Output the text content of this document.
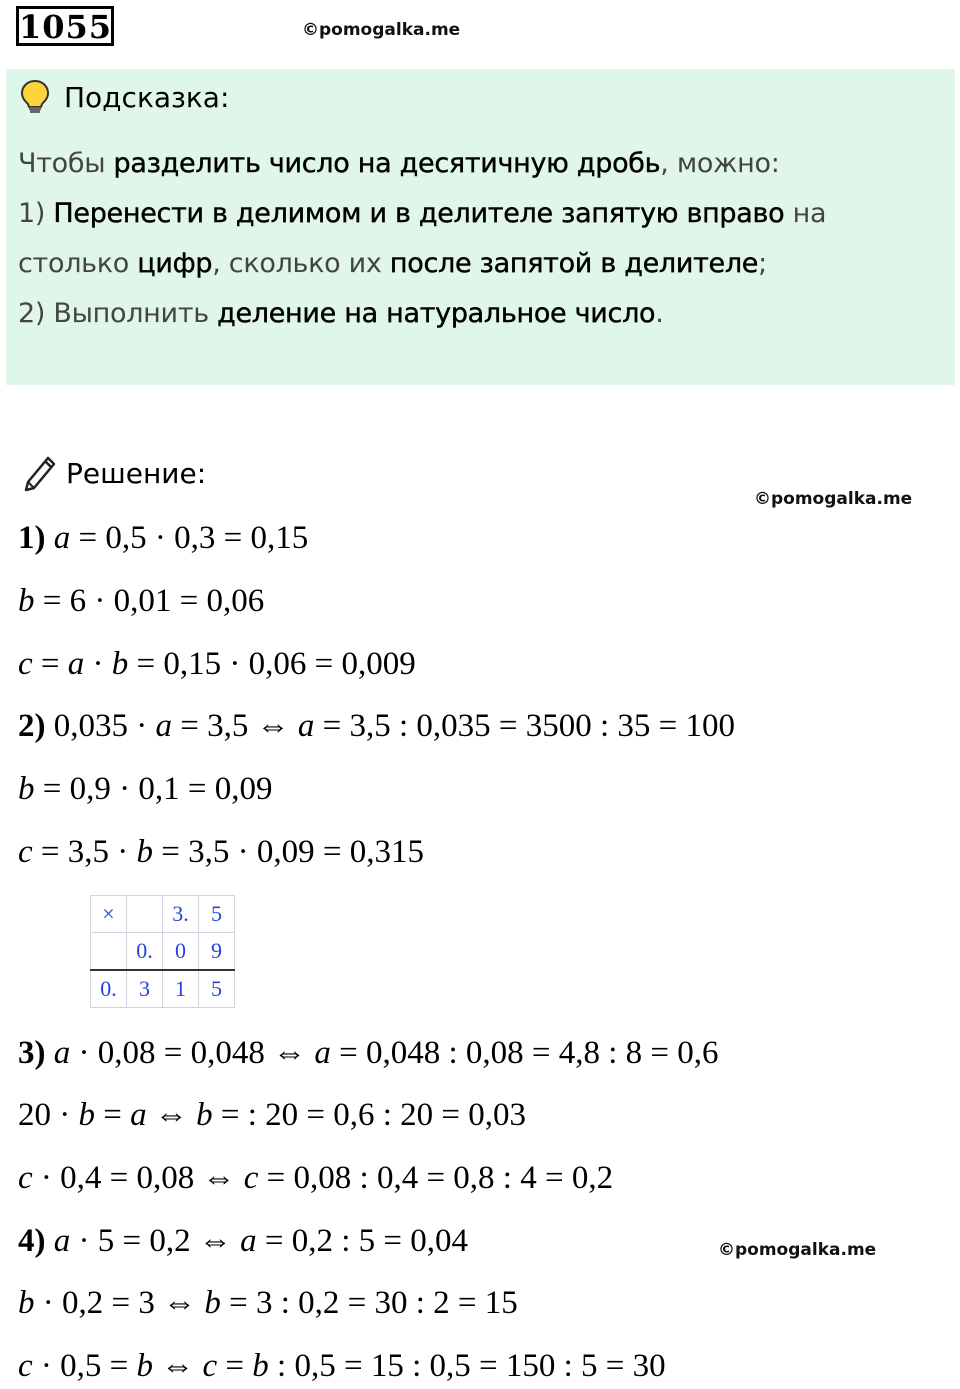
1055	©pomogalka.me
Подсказка:
Чтобы разделить число на десятичную дробь, можно:
1) Перенести в делимом и в делителе запятую вправо на
столько цифр, сколько их после запятой в делителе;
2) Выполнить деление на натуральное число.
Решение:
©pomogalka.me
©pomogalka.me
1) a = 0,5 · 0,3 = 0,15
b = 6 · 0,01 = 0,06
c = a · b = 0,15 · 0,06 = 0,009
2) 0,035 · a = 3,5 ⇔ a = 3,5 : 0,035 = 3500 : 35 = 100
b = 0,9 · 0,1 = 0,09
c = 3,5 · b = 3,5 · 0,09 = 0,315
3) a · 0,08 = 0,048 ⇔ a = 0,048 : 0,08 = 4,8 : 8 = 0,6
20 · b = a ⇔ b = : 20 = 0,6 : 20 = 0,03
c · 0,4 = 0,08 ⇔ c = 0,08 : 0,4 = 0,8 : 4 = 0,2
4) a · 5 = 0,2 ⇔ a = 0,2 : 5 = 0,04
b · 0,2 = 3 ⇔ b = 3 : 0,2 = 30 : 2 = 15
c · 0,5 = b ⇔ c = b : 0,5 = 15 : 0,5 = 150 : 5 = 30
×		3.	5
	0.	0	9
0.	3	1	5
